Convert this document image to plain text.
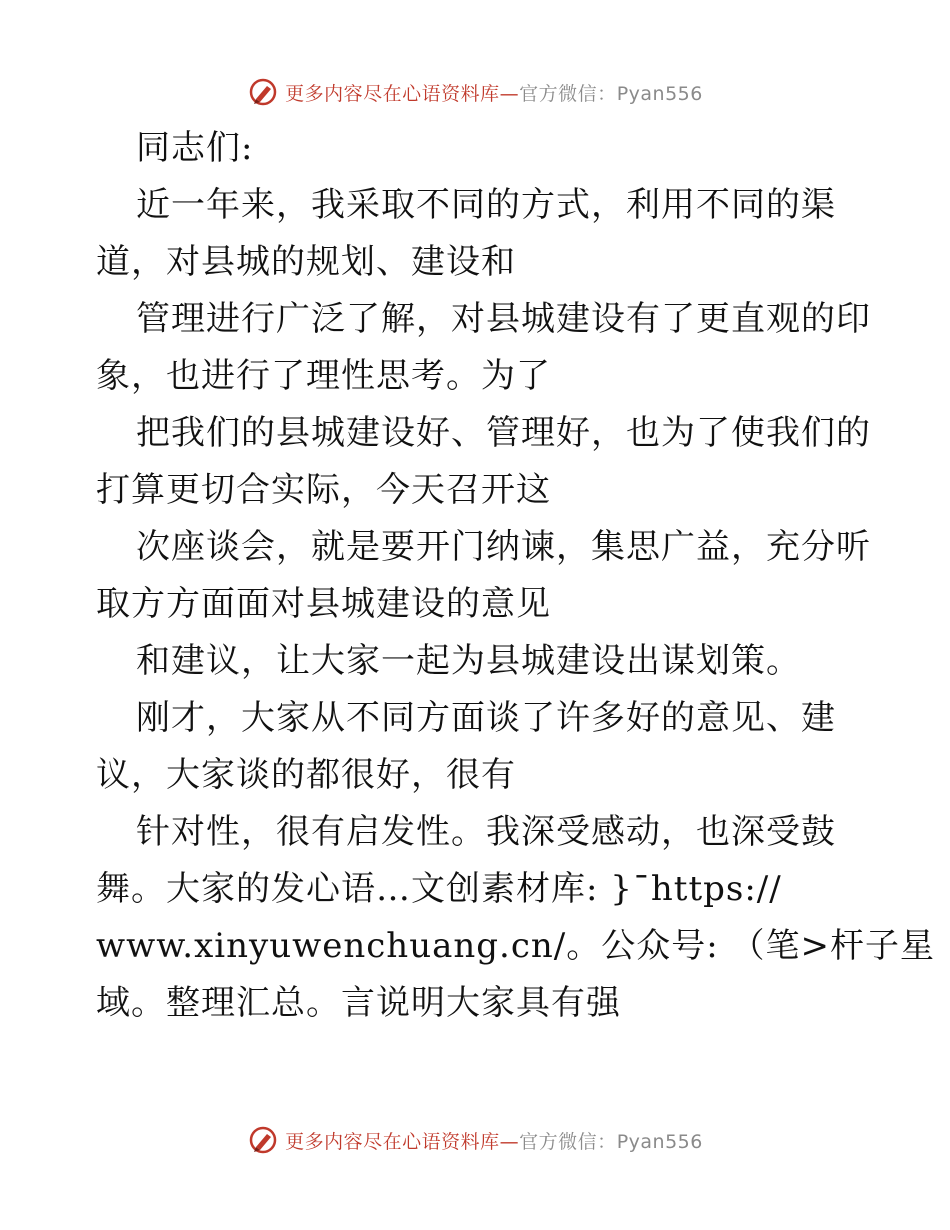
更多内容尽在心语资料库—官方微信：Pyan556
同志们:
近一年来，我采取不同的方式，利用不同的渠
道，对县城的规划、建设和
管理进行广泛了解，对县城建设有了更直观的印
象，也进行了理性思考。为了
把我们的县城建设好、管理好，也为了使我们的
打算更切合实际，今天召开这
次座谈会，就是要开门纳谏，集思广益，充分听
取方方面面对县城建设的意见
和建议，让大家一起为县城建设出谋划策。
刚才，大家从不同方面谈了许多好的意见、建
议，大家谈的都很好，很有
针对性，很有启发性。我深受感动，也深受鼓
舞。大家的发心语…文创素材库: }¯https://
www.xinyuwenchuang.cn/。公众号: （笔>杆子星
域。整理汇总。言说明大家具有强
更多内容尽在心语资料库—官方微信：Pyan556
